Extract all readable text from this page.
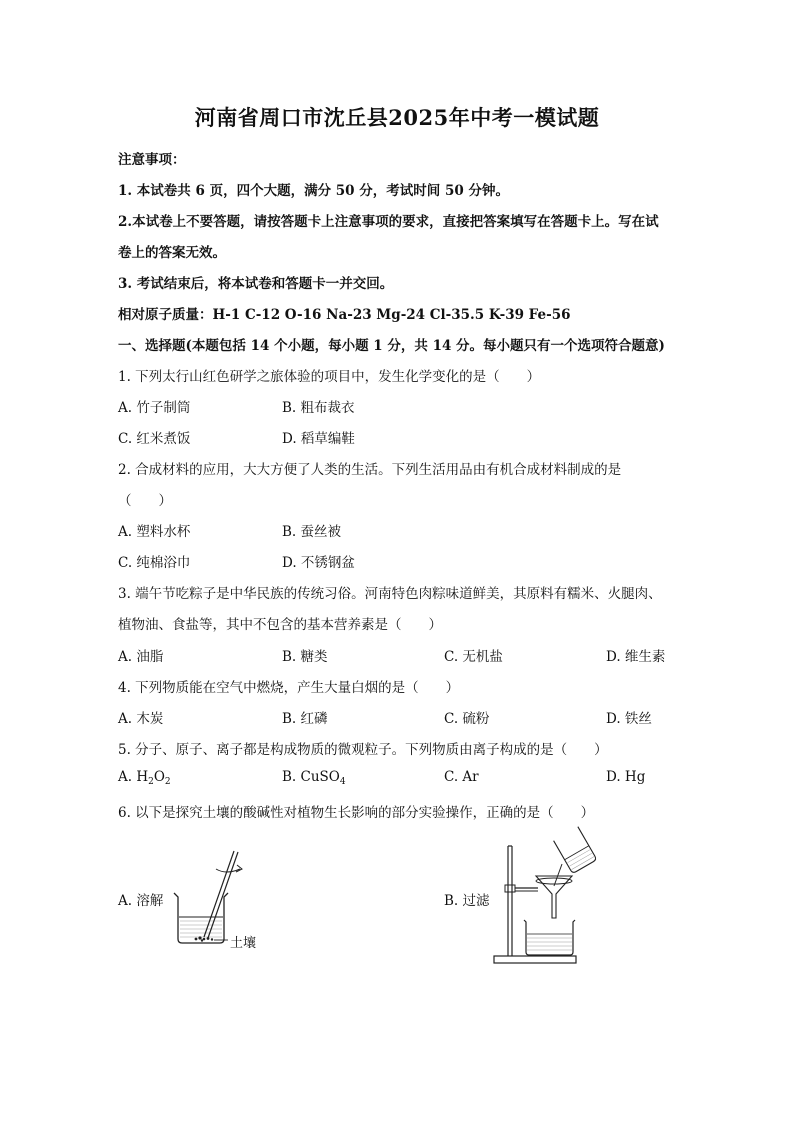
河南省周口市沈丘县2025年中考一模试题
注意事项：
1. 本试卷共 6 页，四个大题，满分 50 分，考试时间 50 分钟。
2.本试卷上不要答题，请按答题卡上注意事项的要求，直接把答案填写在答题卡上。写在试
卷上的答案无效。
3. 考试结束后，将本试卷和答题卡一并交回。
相对原子质量：H-1 C-12 O-16 Na-23 Mg-24 Cl-35.5 K-39 Fe-56
一、选择题(本题包括 14 个小题，每小题 1 分，共 14 分。每小题只有一个选项符合题意)
1. 下列太行山红色研学之旅体验的项目中，发生化学变化的是（　　）
A. 竹子制筒	B. 粗布裁衣
C. 红米煮饭	D. 稻草编鞋
2. 合成材料的应用，大大方便了人类的生活。下列生活用品由有机合成材料制成的是
（　　）
A. 塑料水杯	B. 蚕丝被
C. 纯棉浴巾	D. 不锈钢盆
3. 端午节吃粽子是中华民族的传统习俗。河南特色肉粽味道鲜美，其原料有糯米、火腿肉、
植物油、食盐等，其中不包含的基本营养素是（　　）
A. 油脂	B. 糖类	C. 无机盐	D. 维生素
4. 下列物质能在空气中燃烧，产生大量白烟的是（　　）
A. 木炭	B. 红磷	C. 硫粉	D. 铁丝
5. 分子、原子、离子都是构成物质的微观粒子。下列物质由离子构成的是（　　）
A. $H_2O_2$	B. CuSO$_4$	C. Ar	D. Hg
6. 以下是探究土壤的酸碱性对植物生长影响的部分实验操作，正确的是（　　）
A. 溶解	B. 过滤
土壤
